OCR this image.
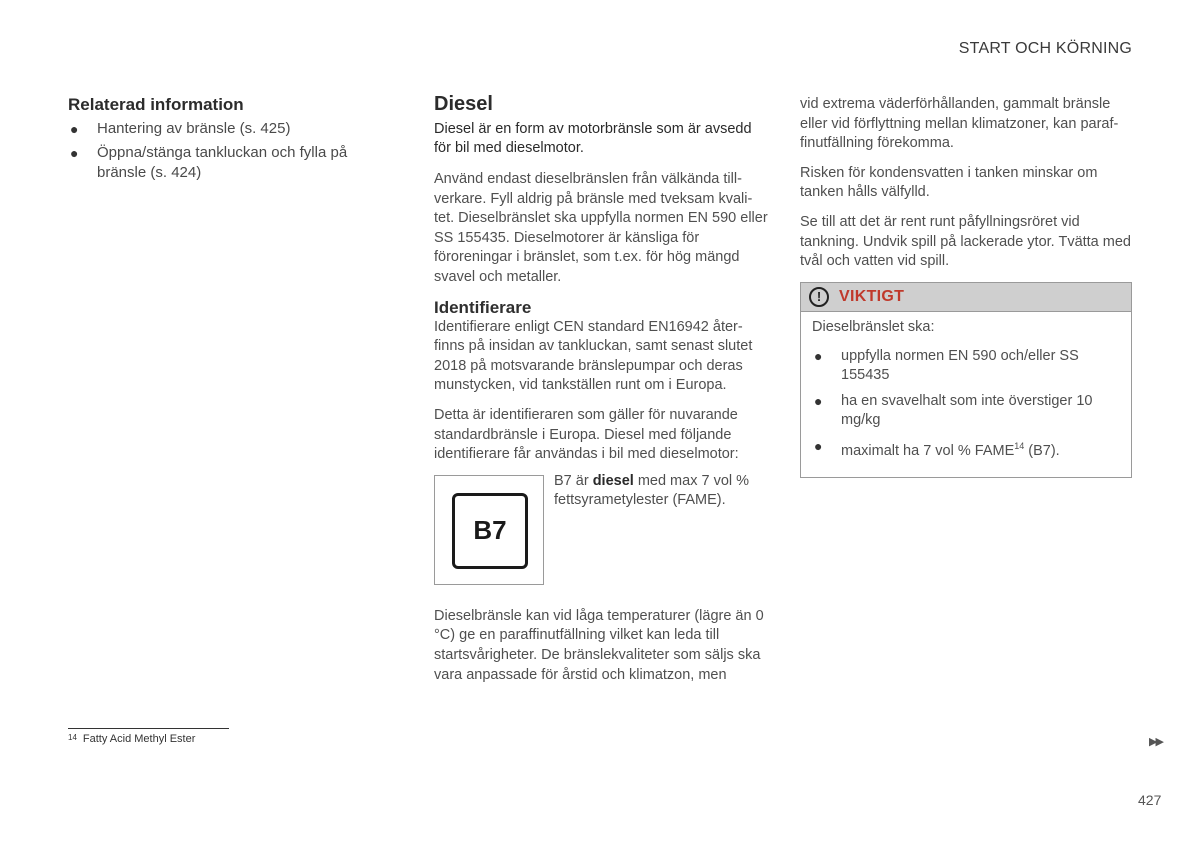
START OCH KÖRNING
Relaterad information
● Hantering av bränsle (s. 425)
● Öppna/stänga tankluckan och fylla på bränsle (s. 424)
Diesel

Diesel är en form av motorbränsle som är avsedd för bil med dieselmotor.

Använd endast dieselbränslen från välkända till- verkare. Fyll aldrig på bränsle med tveksam kvali- tet. Dieselbränslet ska uppfylla normen EN 590 eller SS 155435. Dieselmotorer är känsliga för föroreningar i bränslet, som t.ex. för hög mängd svavel och metaller.

Identifierare

Identifierare enligt CEN standard EN16942 åter- finns på insidan av tankluckan, samt senast slutet 2018 på motsvarande bränslepumpar och deras munstycken, vid tankställen runt om i Europa.

Detta är identifieraren som gäller för nuvarande standardbränsle i Europa. Diesel med följande identifierare får användas i bil med dieselmotor:

B7
B7 är diesel med max 7 vol % fettsyrametylester (FAME).

Dieselbränsle kan vid låga temperaturer (lägre än 0 °C) ge en paraffinutfällning vilket kan leda till startsvårigheter. De bränslekvaliteter som säljs ska vara anpassade för årstid och klimatzon, men

vid extrema väderförhållanden, gammalt bränsle eller vid förflyttning mellan klimatzoner, kan paraf- finutfällning förekomma.

Risken för kondensvatten i tanken minskar om tanken hålls välfylld.

Se till att det är rent runt påfyllningsröret vid tankning. Undvik spill på lackerade ytor. Tvätta med tvål och vatten vid spill.

!	VIKTIGT

Dieselbränslet ska:

● uppfylla normen EN 590 och/eller SS 155435
● ha en svavelhalt som inte överstiger 10 mg/kg
● maximalt ha 7 vol % FAME$^{14}$ (B7).
$^{14}$ Fatty Acid Methyl Ester	▶▶
427
